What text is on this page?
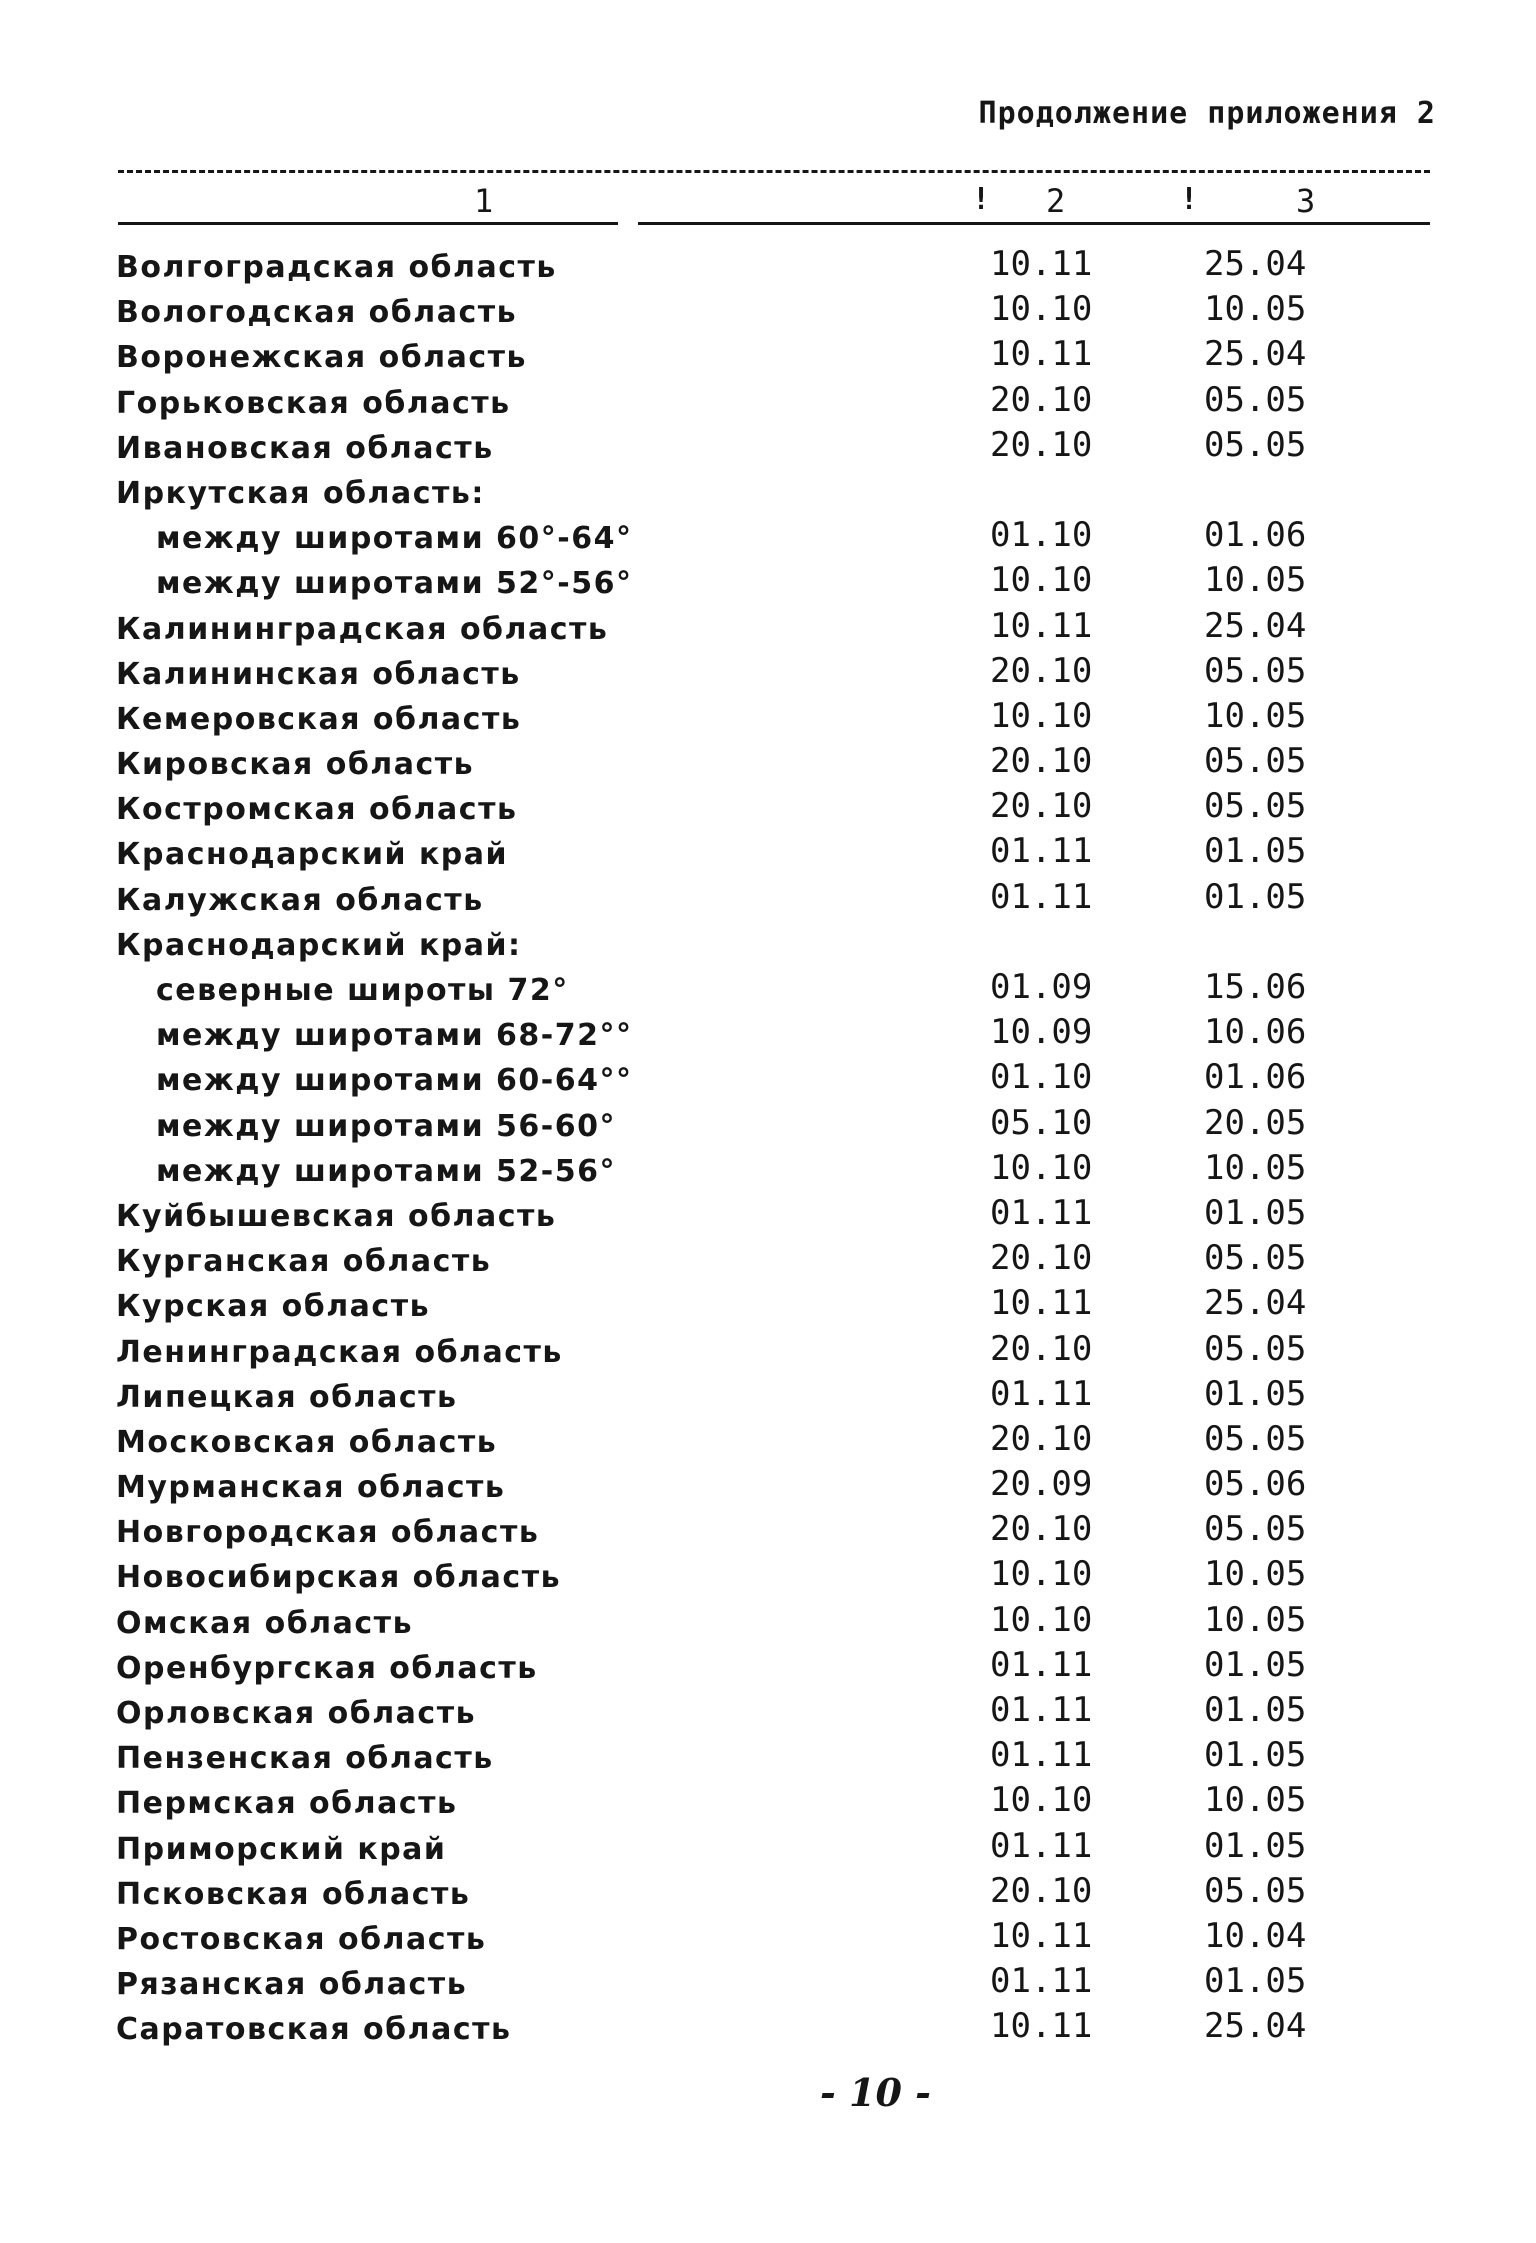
Продолжение приложения 2
1	! 2	!	3
Волгоградская область	10.11	25.04
Вологодская область	10.10	10.05
Воронежская область	10.11	25.04
Горьковская область	20.10	05.05
Ивановская область	20.10	05.05
Иркутская область:
между широтами 60°-64°	01.10	01.06
между широтами 52°-56°	10.10	10.05
Калининградская область	10.11	25.04
Калининская область	20.10	05.05
Кемеровская область	10.10	10.05
Кировская область	20.10	05.05
Костромская область	20.10	05.05
Краснодарский край	01.11	01.05
Калужская область	01.11	01.05
Краснодарский край:
северные широты 72°	01.09	15.06
между широтами 68-72°°	10.09	10.06
между широтами 60-64°°	01.10	01.06
между широтами 56-60°	05.10	20.05
между широтами 52-56°	10.10	10.05
Куйбышевская область	01.11	01.05
Курганская область	20.10	05.05
Курская область	10.11	25.04
Ленинградская область	20.10	05.05
Липецкая область	01.11	01.05
Московская область	20.10	05.05
Мурманская область	20.09	05.06
Новгородская область	20.10	05.05
Новосибирская область	10.10	10.05
Омская область	10.10	10.05
Оренбургская область	01.11	01.05
Орловская область	01.11	01.05
Пензенская область	01.11	01.05
Пермская область	10.10	10.05
Приморский край	01.11	01.05
Псковская область	20.10	05.05
Ростовская область	10.11	10.04
Рязанская область	01.11	01.05
Саратовская область	10.11	25.04
- 10 -
